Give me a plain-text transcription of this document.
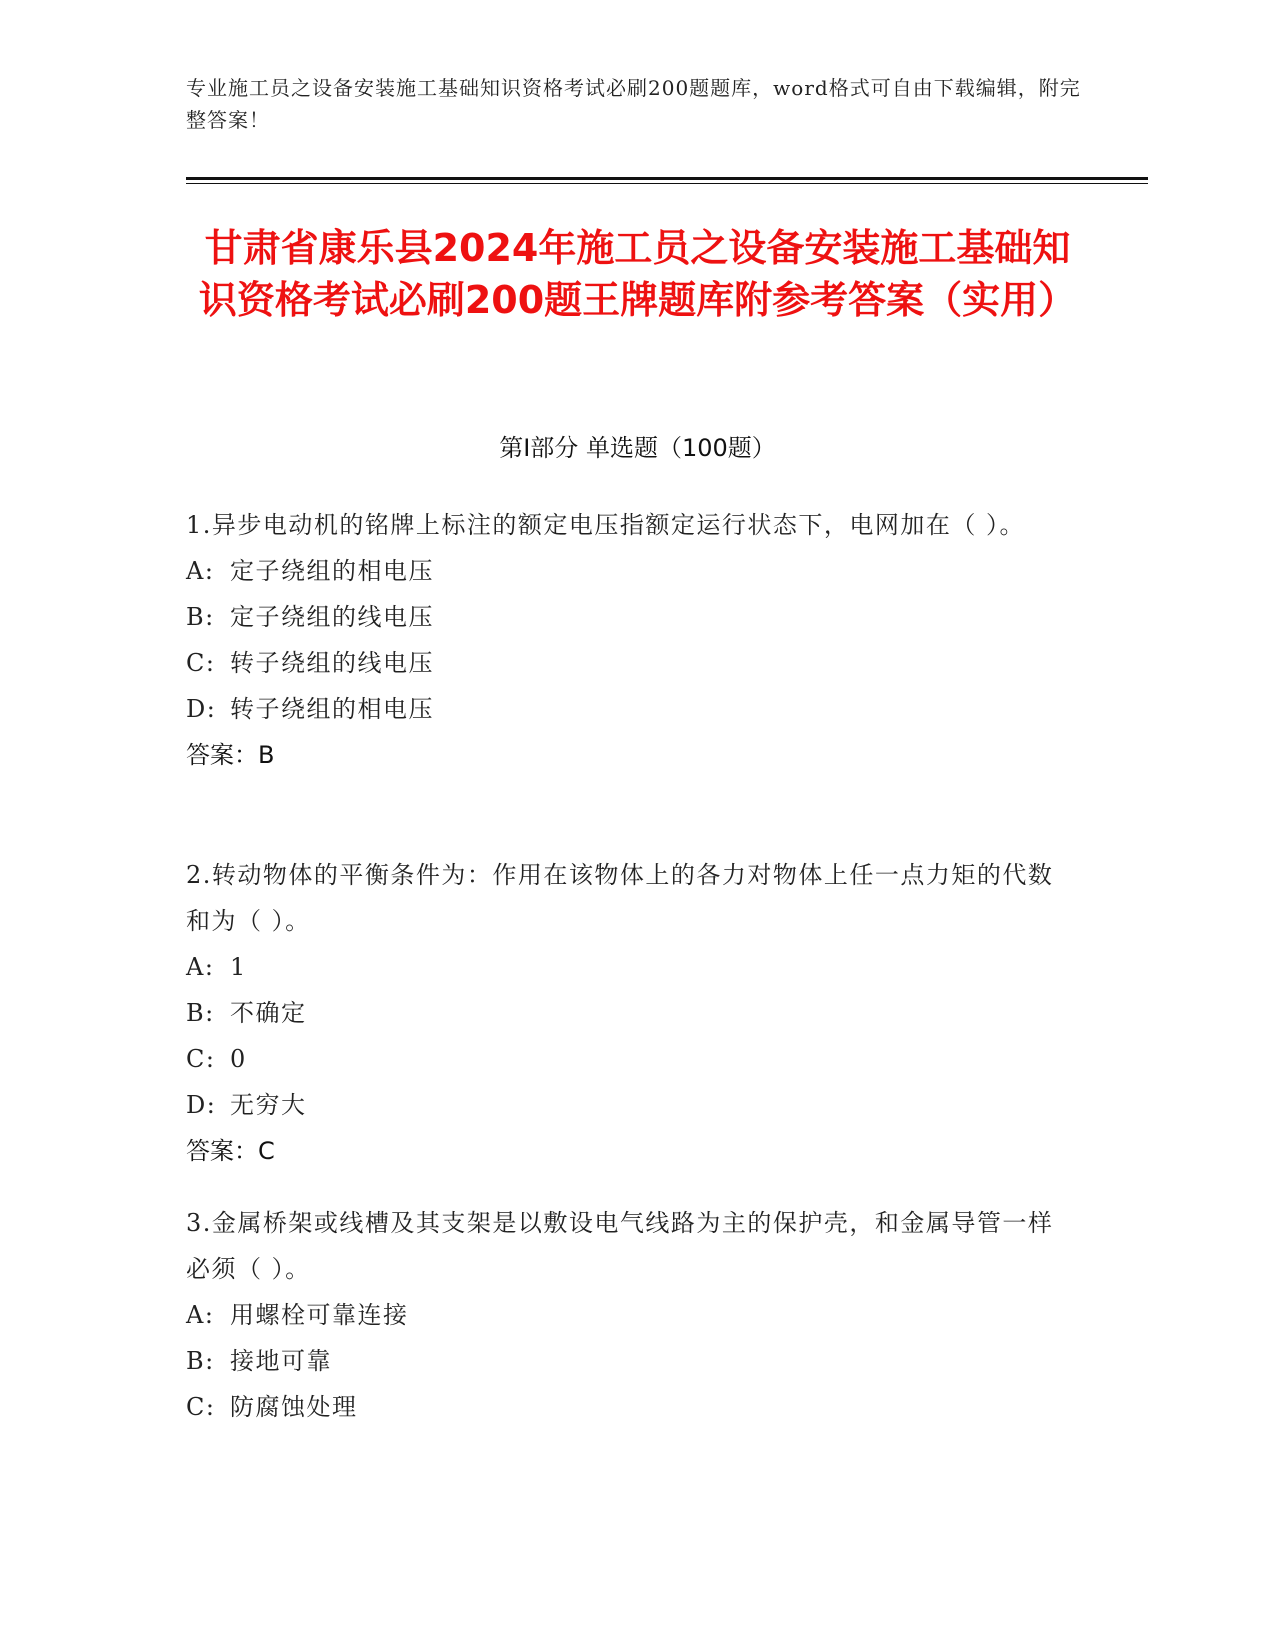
专业施工员之设备安装施工基础知识资格考试必刷200题题库，word格式可自由下载编辑，附完整答案！
甘肃省康乐县2024年施工员之设备安装施工基础知识资格考试必刷200题王牌题库附参考答案（实用）
第Ⅰ部分 单选题（100题）
1.异步电动机的铭牌上标注的额定电压指额定运行状态下，电网加在（ ）。
A: 定子绕组的相电压
B: 定子绕组的线电压
C: 转子绕组的线电压
D: 转子绕组的相电压
答案：B
2.转动物体的平衡条件为：作用在该物体上的各力对物体上任一点力矩的代数和为（ ）。
A: 1
B: 不确定
C: 0
D: 无穷大
答案：C
3.金属桥架或线槽及其支架是以敷设电气线路为主的保护壳，和金属导管一样必须（ ）。
A: 用螺栓可靠连接
B: 接地可靠
C: 防腐蚀处理
